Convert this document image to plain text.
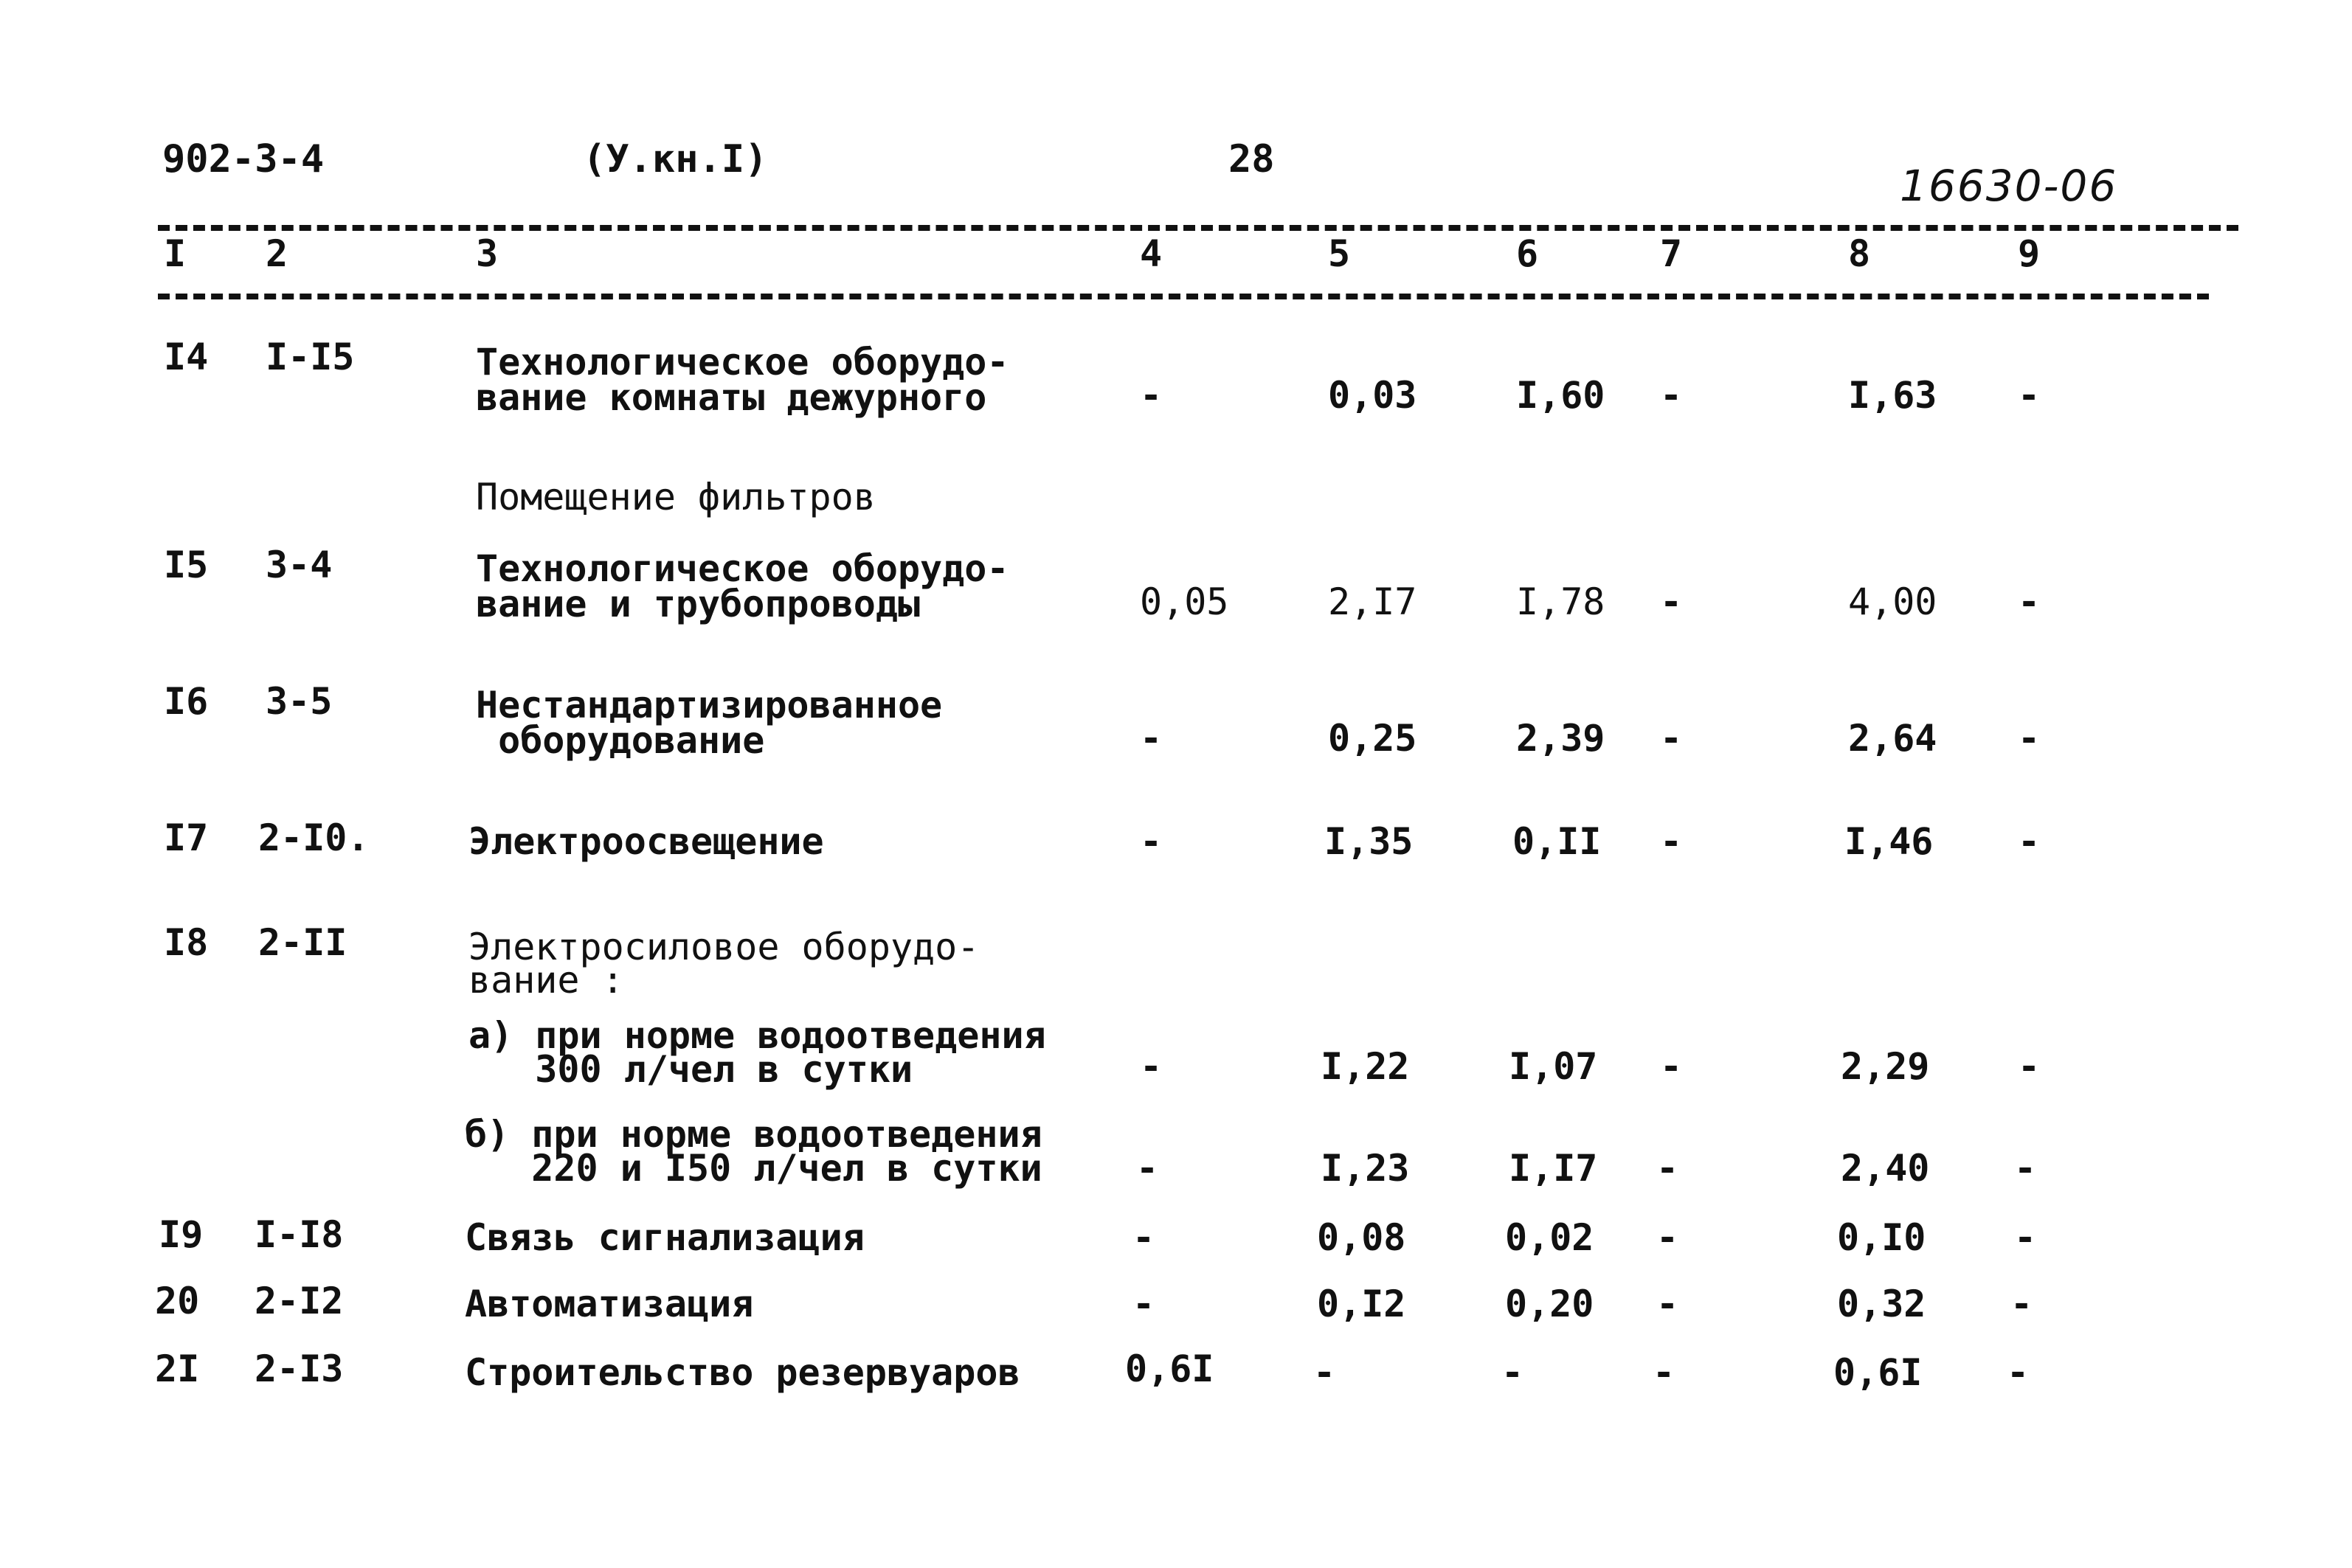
902-3-4	(У.кн.I)	28
16630-06
I 2	3	4	5	6	7	8	9
I4 I-I5	Технологическое оборудо-
вание комнаты дежурного	-	0,03	I,60 -	I,63 -
Помещение фильтров
I5 3-4	Технологическое оборудо-
вание и трубопроводы	0,05	2,I7	I,78 -	4,00 -
I6 3-5	Нестандартизированное
оборудование	-	0,25	2,39 -	2,64 -
I7 2-I0.	Электроосвещение	-	I,35	0,II -	I,46 -
I8 2-II	Электросиловое оборудо-
вание :
а) при норме водоотведения
300 л/чел в сутки	-	I,22	I,07 -	2,29 -
б) при норме водоотведения
220 и I50 л/чел в сутки	-	I,23	I,I7 -	2,40 -
I9 I-I8	Связь сигнализация	-	0,08	0,02 -	0,I0 -
20 2-I2	Автоматизация	-	0,I2	0,20 -	0,32 -
2I 2-I3	Строительство резервуаров	0,6I	-	-	-	0,6I -
